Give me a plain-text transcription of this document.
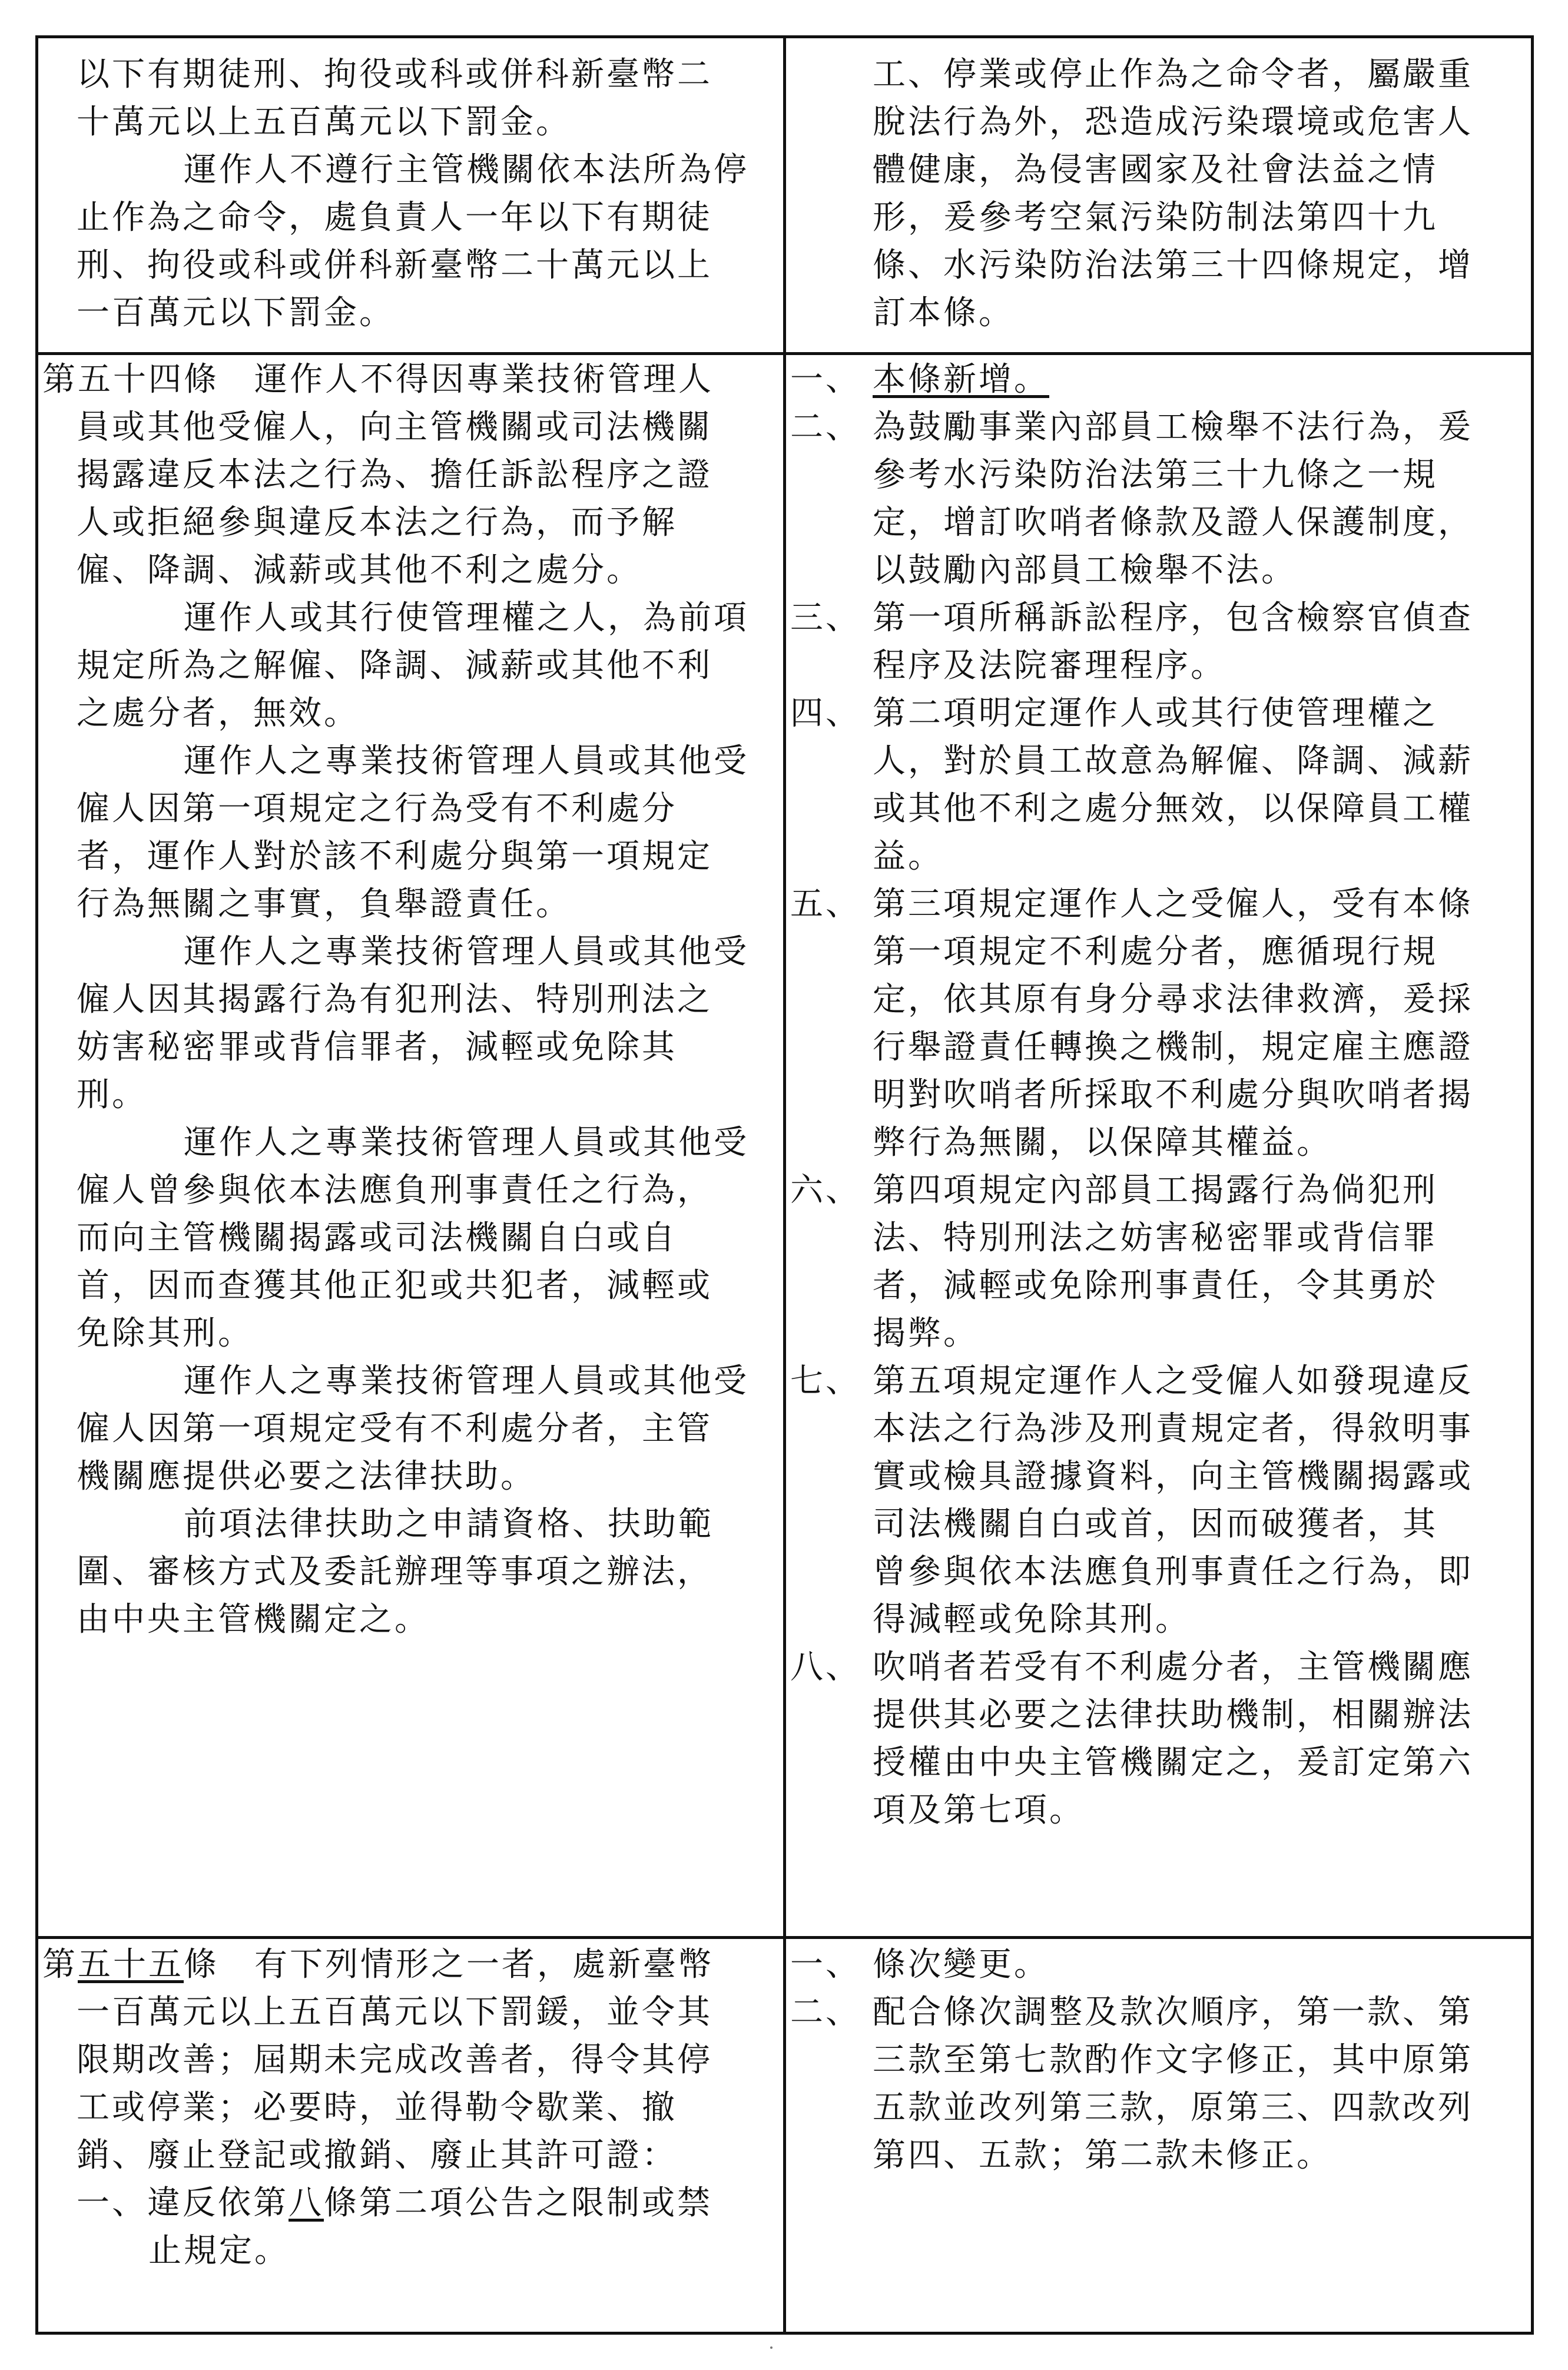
以下有期徒刑、拘役或科或併科新臺幣二
十萬元以上五百萬元以下罰金。
運作人不遵行主管機關依本法所為停
止作為之命令，處負責人一年以下有期徒
刑、拘役或科或併科新臺幣二十萬元以上
一百萬元以下罰金。
工、停業或停止作為之命令者，屬嚴重
脫法行為外，恐造成污染環境或危害人
體健康，為侵害國家及社會法益之情
形，爰參考空氣污染防制法第四十九
條、水污染防治法第三十四條規定，增
訂本條。
第五十四條　運作人不得因專業技術管理人
員或其他受僱人，向主管機關或司法機關
揭露違反本法之行為、擔任訴訟程序之證
人或拒絕參與違反本法之行為，而予解
僱、降調、減薪或其他不利之處分。
運作人或其行使管理權之人，為前項
規定所為之解僱、降調、減薪或其他不利
之處分者，無效。
運作人之專業技術管理人員或其他受
僱人因第一項規定之行為受有不利處分
者，運作人對於該不利處分與第一項規定
行為無關之事實，負舉證責任。
運作人之專業技術管理人員或其他受
僱人因其揭露行為有犯刑法、特別刑法之
妨害秘密罪或背信罪者，減輕或免除其
刑。
運作人之專業技術管理人員或其他受
僱人曾參與依本法應負刑事責任之行為，
而向主管機關揭露或司法機關自白或自
首，因而查獲其他正犯或共犯者，減輕或
免除其刑。
運作人之專業技術管理人員或其他受
僱人因第一項規定受有不利處分者，主管
機關應提供必要之法律扶助。
前項法律扶助之申請資格、扶助範
圍、審核方式及委託辦理等事項之辦法，
由中央主管機關定之。
一、 本條新增。
二、 為鼓勵事業內部員工檢舉不法行為，爰
參考水污染防治法第三十九條之一規
定，增訂吹哨者條款及證人保護制度，
以鼓勵內部員工檢舉不法。
三、 第一項所稱訴訟程序，包含檢察官偵查
程序及法院審理程序。
四、 第二項明定運作人或其行使管理權之
人，對於員工故意為解僱、降調、減薪
或其他不利之處分無效，以保障員工權
益。
五、 第三項規定運作人之受僱人，受有本條
第一項規定不利處分者，應循現行規
定，依其原有身分尋求法律救濟，爰採
行舉證責任轉換之機制，規定雇主應證
明對吹哨者所採取不利處分與吹哨者揭
弊行為無關，以保障其權益。
六、 第四項規定內部員工揭露行為倘犯刑
法、特別刑法之妨害秘密罪或背信罪
者，減輕或免除刑事責任，令其勇於
揭弊。
七、 第五項規定運作人之受僱人如發現違反
本法之行為涉及刑責規定者，得敘明事
實或檢具證據資料，向主管機關揭露或
司法機關自白或首，因而破獲者，其
曾參與依本法應負刑事責任之行為，即
得減輕或免除其刑。
八、 吹哨者若受有不利處分者，主管機關應
提供其必要之法律扶助機制，相關辦法
授權由中央主管機關定之，爰訂定第六
項及第七項。
第五十五條　有下列情形之一者，處新臺幣
一百萬元以上五百萬元以下罰鍰，並令其
限期改善；屆期未完成改善者，得令其停
工或停業；必要時，並得勒令歇業、撤
銷、廢止登記或撤銷、廢止其許可證：
一、違反依第八條第二項公告之限制或禁
止規定。
一、 條次變更。
二、 配合條次調整及款次順序，第一款、第
三款至第七款酌作文字修正，其中原第
五款並改列第三款，原第三、四款改列
第四、五款；第二款未修正。
